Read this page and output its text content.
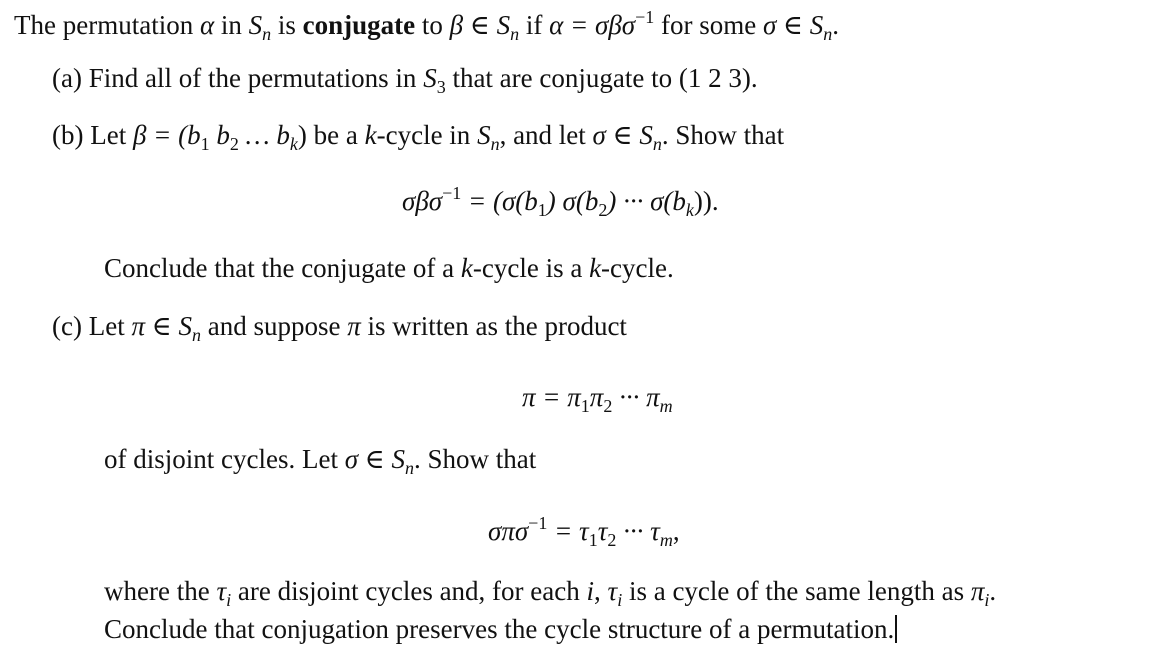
The permutation α in $S_n$ is conjugate to β ∈ $S_n$ if α = σβσ$^{-1}$ for some σ ∈ $S_n$.
(a) Find all of the permutations in $S_3$ that are conjugate to (1 2 3).
(b) Let $\beta = (b_1$ $b_2$ … $b_k$) be a k-cycle in $S_n$, and let σ ∈ $S_n$. Show that
$\sigma\beta\sigma^{-1} = (\sigma(b_1)$ $\sigma(b_2)$ ··· $\sigma(b_k)$).
Conclude that the conjugate of a k-cycle is a k-cycle.
(c) Let π ∈ $S_n$ and suppose π is written as the product
$\pi = \pi_1\pi_2$ ··· $\pi_m$
of disjoint cycles. Let σ ∈ $S_n$. Show that
$\sigma\pi\sigma^{-1} = \tau_1\tau_2$ ··· $\tau_m$,
where the $\tau_i$ are disjoint cycles and, for each i, $\tau_i$ is a cycle of the same length as $\pi_i$.
Conclude that conjugation preserves the cycle structure of a permutation.
